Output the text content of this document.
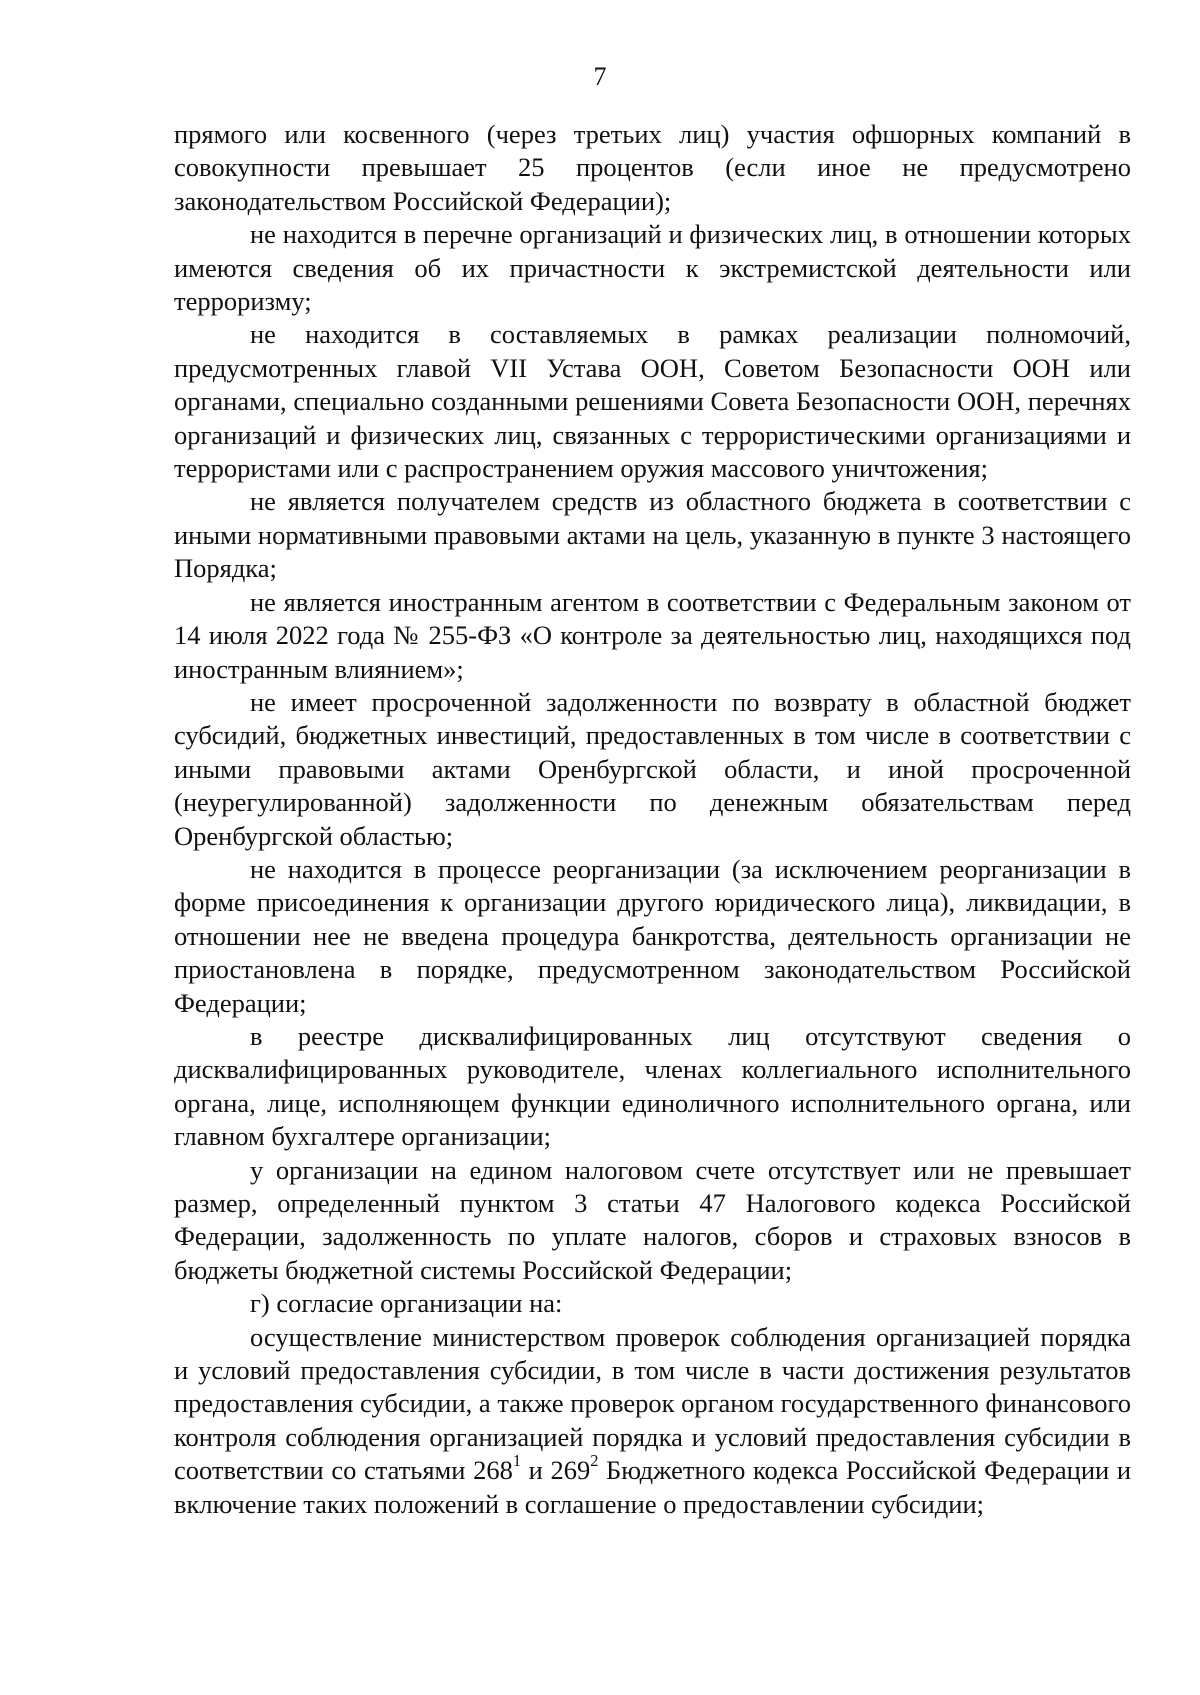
7

прямого или косвенного (через третьих лиц) участия офшорных компаний в совокупности превышает 25 процентов (если иное не предусмотрено законодательством Российской Федерации);

не находится в перечне организаций и физических лиц, в отношении которых имеются сведения об их причастности к экстремистской деятельности или терроризму;

не находится в составляемых в рамках реализации полномочий, предусмотренных главой VII Устава ООН, Советом Безопасности ООН или органами, специально созданными решениями Совета Безопасности ООН, перечнях организаций и физических лиц, связанных с террористическими организациями и террористами или с распространением оружия массового уничтожения;

не является получателем средств из областного бюджета в соответствии с иными нормативными правовыми актами на цель, указанную в пункте 3 настоящего Порядка;

не является иностранным агентом в соответствии с Федеральным законом от 14 июля 2022 года № 255-ФЗ «О контроле за деятельностью лиц, находящихся под иностранным влиянием»;

не имеет просроченной задолженности по возврату в областной бюджет субсидий, бюджетных инвестиций, предоставленных в том числе в соответствии с иными правовыми актами Оренбургской области, и иной просроченной (неурегулированной) задолженности по денежным обязательствам перед Оренбургской областью;

не находится в процессе реорганизации (за исключением реорганизации в форме присоединения к организации другого юридического лица), ликвидации, в отношении нее не введена процедура банкротства, деятельность организации не приостановлена в порядке, предусмотренном законодательством Российской Федерации;

в реестре дисквалифицированных лиц отсутствуют сведения о дисквалифицированных руководителе, членах коллегиального исполнительного органа, лице, исполняющем функции единоличного исполнительного органа, или главном бухгалтере организации;

у организации на едином налоговом счете отсутствует или не превышает размер, определенный пунктом 3 статьи 47 Налогового кодекса Российской Федерации, задолженность по уплате налогов, сборов и страховых взносов в бюджеты бюджетной системы Российской Федерации;

г) согласие организации на:

осуществление министерством проверок соблюдения организацией порядка и условий предоставления субсидии, в том числе в части достижения результатов предоставления субсидии, а также проверок органом государственного финансового контроля соблюдения организацией порядка и условий предоставления субсидии в соответствии со статьями $268^1$ и $269^2$ Бюджетного кодекса Российской Федерации и включение таких положений в соглашение о предоставлении субсидии;
